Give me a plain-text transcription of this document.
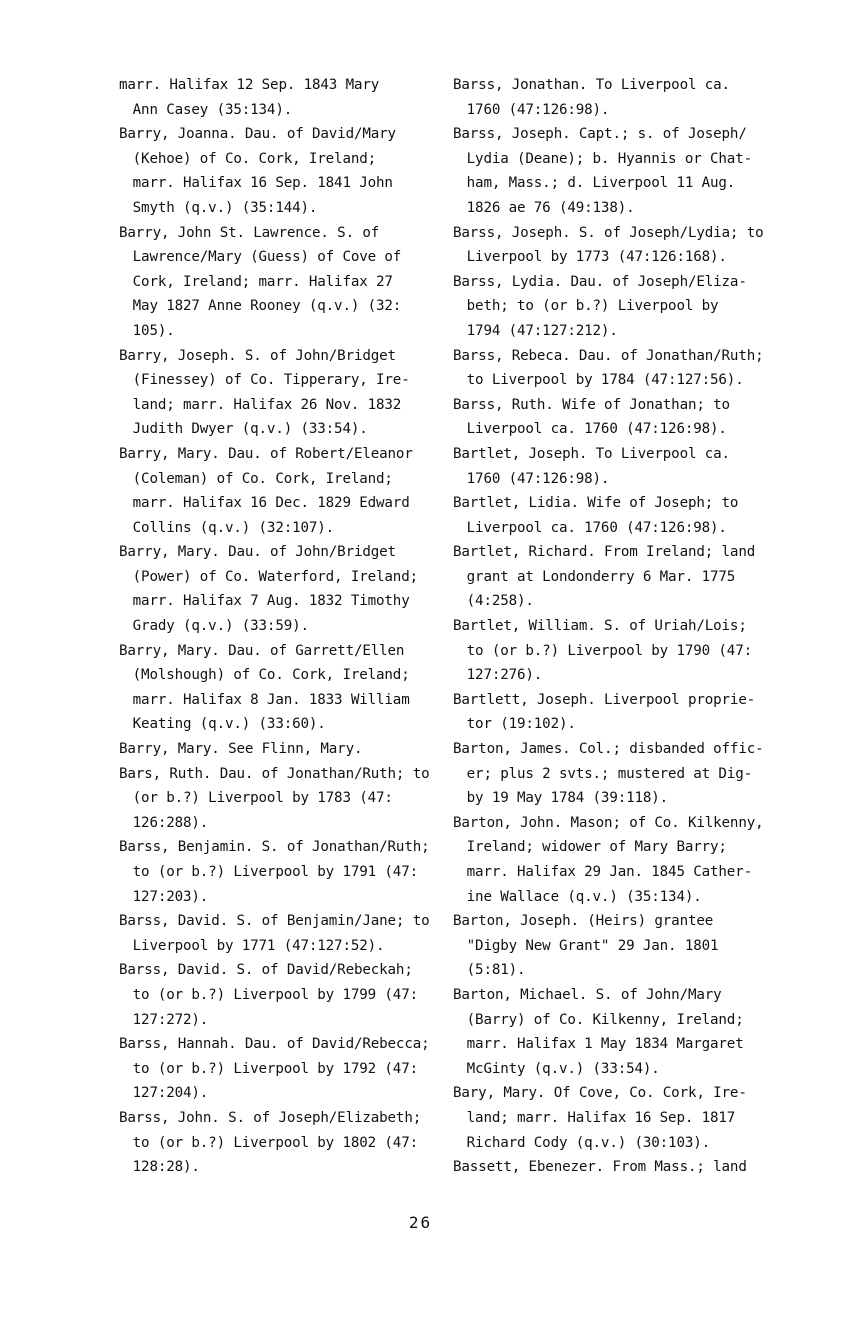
marr. Halifax 12 Sep. 1843 Mary
Ann Casey (35:134).
Barry, Joanna. Dau. of David/Mary
(Kehoe) of Co. Cork, Ireland;
marr. Halifax 16 Sep. 1841 John
Smyth (q.v.) (35:144).
Barry, John St. Lawrence. S. of
Lawrence/Mary (Guess) of Cove of
Cork, Ireland; marr. Halifax 27
May 1827 Anne Rooney (q.v.) (32:
105).
Barry, Joseph. S. of John/Bridget
(Finessey) of Co. Tipperary, Ire-
land; marr. Halifax 26 Nov. 1832
Judith Dwyer (q.v.) (33:54).
Barry, Mary. Dau. of Robert/Eleanor
(Coleman) of Co. Cork, Ireland;
marr. Halifax 16 Dec. 1829 Edward
Collins (q.v.) (32:107).
Barry, Mary. Dau. of John/Bridget
(Power) of Co. Waterford, Ireland;
marr. Halifax 7 Aug. 1832 Timothy
Grady (q.v.) (33:59).
Barry, Mary. Dau. of Garrett/Ellen
(Molshough) of Co. Cork, Ireland;
marr. Halifax 8 Jan. 1833 William
Keating (q.v.) (33:60).
Barry, Mary. See Flinn, Mary.
Bars, Ruth. Dau. of Jonathan/Ruth; to
(or b.?) Liverpool by 1783 (47:
126:288).
Barss, Benjamin. S. of Jonathan/Ruth;
to (or b.?) Liverpool by 1791 (47:
127:203).
Barss, David. S. of Benjamin/Jane; to
Liverpool by 1771 (47:127:52).
Barss, David. S. of David/Rebeckah;
to (or b.?) Liverpool by 1799 (47:
127:272).
Barss, Hannah. Dau. of David/Rebecca;
to (or b.?) Liverpool by 1792 (47:
127:204).
Barss, John. S. of Joseph/Elizabeth;
to (or b.?) Liverpool by 1802 (47:
128:28).
Barss, Jonathan. To Liverpool ca.
1760 (47:126:98).
Barss, Joseph. Capt.; s. of Joseph/
Lydia (Deane); b. Hyannis or Chat-
ham, Mass.; d. Liverpool 11 Aug.
1826 ae 76 (49:138).
Barss, Joseph. S. of Joseph/Lydia; to
Liverpool by 1773 (47:126:168).
Barss, Lydia. Dau. of Joseph/Eliza-
beth; to (or b.?) Liverpool by
1794 (47:127:212).
Barss, Rebeca. Dau. of Jonathan/Ruth;
to Liverpool by 1784 (47:127:56).
Barss, Ruth. Wife of Jonathan; to
Liverpool ca. 1760 (47:126:98).
Bartlet, Joseph. To Liverpool ca.
1760 (47:126:98).
Bartlet, Lidia. Wife of Joseph; to
Liverpool ca. 1760 (47:126:98).
Bartlet, Richard. From Ireland; land
grant at Londonderry 6 Mar. 1775
(4:258).
Bartlet, William. S. of Uriah/Lois;
to (or b.?) Liverpool by 1790 (47:
127:276).
Bartlett, Joseph. Liverpool proprie-
tor (19:102).
Barton, James. Col.; disbanded offic-
er; plus 2 svts.; mustered at Dig-
by 19 May 1784 (39:118).
Barton, John. Mason; of Co. Kilkenny,
Ireland; widower of Mary Barry;
marr. Halifax 29 Jan. 1845 Cather-
ine Wallace (q.v.) (35:134).
Barton, Joseph. (Heirs) grantee
"Digby New Grant" 29 Jan. 1801
(5:81).
Barton, Michael. S. of John/Mary
(Barry) of Co. Kilkenny, Ireland;
marr. Halifax 1 May 1834 Margaret
McGinty (q.v.) (33:54).
Bary, Mary. Of Cove, Co. Cork, Ire-
land; marr. Halifax 16 Sep. 1817
Richard Cody (q.v.) (30:103).
Bassett, Ebenezer. From Mass.; land
26
